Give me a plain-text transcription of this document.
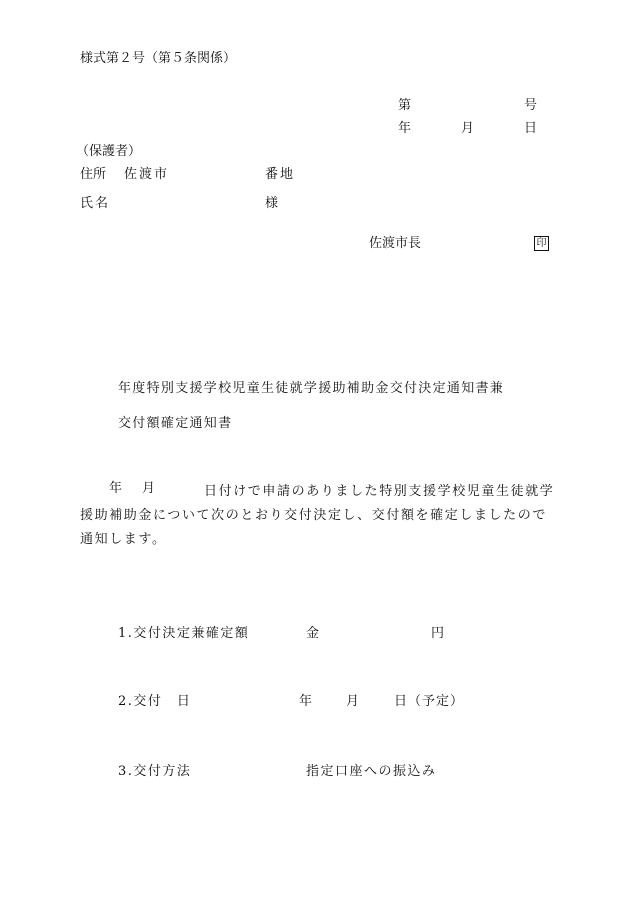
様式第２号（第５条関係）
第	号
年	月	日
（保護者）
住所 佐渡市	番地
氏名	様
佐渡市長	印
年度特別支援学校児童生徒就学援助補助金交付決定通知書兼
交付額確定通知書
年 月	日付けで申請のありました特別支援学校児童生徒就学援助補助金について次のとおり交付決定し、交付額を確定しましたので通知します。
1.交付決定兼確定額	金	円
2.交付　日	年	月	日（予定）
3.交付方法	指定口座への振込み
